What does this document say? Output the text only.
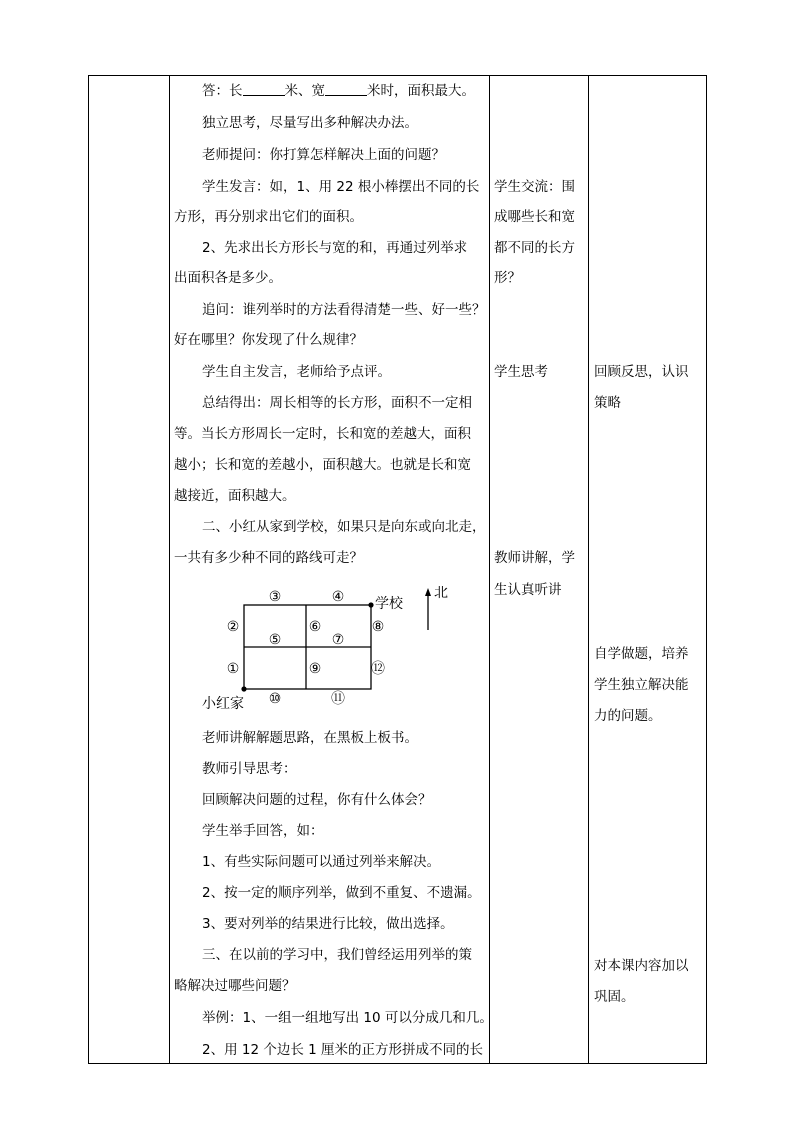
答：长	米、宽	米时，面积最大。
独立思考，尽量写出多种解决办法。
老师提问：你打算怎样解决上面的问题？
学生发言：如，1、用 22 根小棒摆出不同的长
方形，再分别求出它们的面积。
2、先求出长方形长与宽的和，再通过列举求
出面积各是多少。
追问：谁列举时的方法看得清楚一些、好一些？
好在哪里？你发现了什么规律？
学生自主发言，老师给予点评。
总结得出：周长相等的长方形，面积不一定相
等。当长方形周长一定时，长和宽的差越大，面积
越小；长和宽的差越小，面积越大。也就是长和宽
越接近，面积越大。
二、小红从家到学校，如果只是向东或向北走，
一共有多少种不同的路线可走？
①
②
③	④
⑤
⑥
⑦
⑧
⑨
⑩	⑪
⑫
学校
小红家
北
老师讲解解题思路，在黑板上板书。
教师引导思考：
回顾解决问题的过程，你有什么体会？
学生举手回答，如：
1、有些实际问题可以通过列举来解决。
2、按一定的顺序列举，做到不重复、不遗漏。
3、要对列举的结果进行比较，做出选择。
三、在以前的学习中，我们曾经运用列举的策
略解决过哪些问题？
举例：1、一组一组地写出 10 可以分成几和几。
2、用 12 个边长 1 厘米的正方形拼成不同的长
学生交流：围
成哪些长和宽
都不同的长方
形？
学生思考
教师讲解，学
生认真听讲
回顾反思，认识
策略
自学做题，培养
学生独立解决能
力的问题。
对本课内容加以
巩固。
